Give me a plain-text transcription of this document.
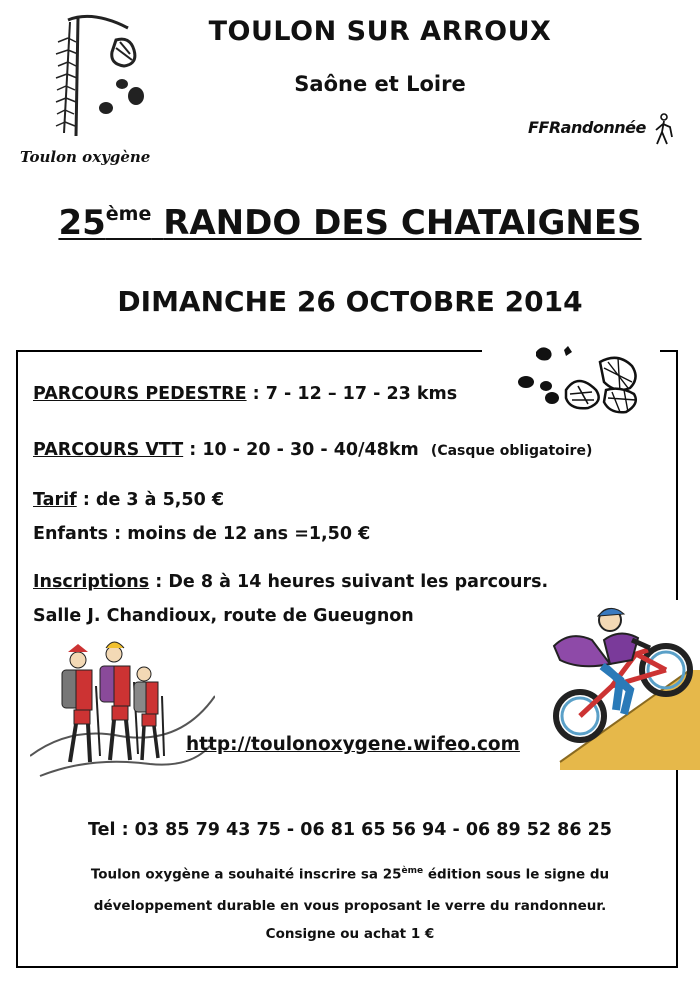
Toulon oxygène
TOULON SUR ARROUX
Saône et Loire
FFRandonnée
25ème RANDO DES CHATAIGNES
DIMANCHE 26 OCTOBRE 2014
PARCOURS PEDESTRE : 7 - 12 – 17 - 23 kms
PARCOURS VTT : 10 - 20 - 30 - 40/48km (Casque obligatoire)
Tarif : de 3 à 5,50 €
Enfants : moins de 12 ans =1,50 €
Inscriptions : De 8 à 14 heures suivant les parcours.
Salle J. Chandioux, route de Gueugnon
http://toulonoxygene.wifeo.com
Tel : 03 85 79 43 75 - 06 81 65 56 94 - 06 89 52 86 25
Toulon oxygène a souhaité inscrire sa 25ème édition sous le signe du
développement durable en vous proposant le verre du randonneur.
Consigne ou achat 1 €
